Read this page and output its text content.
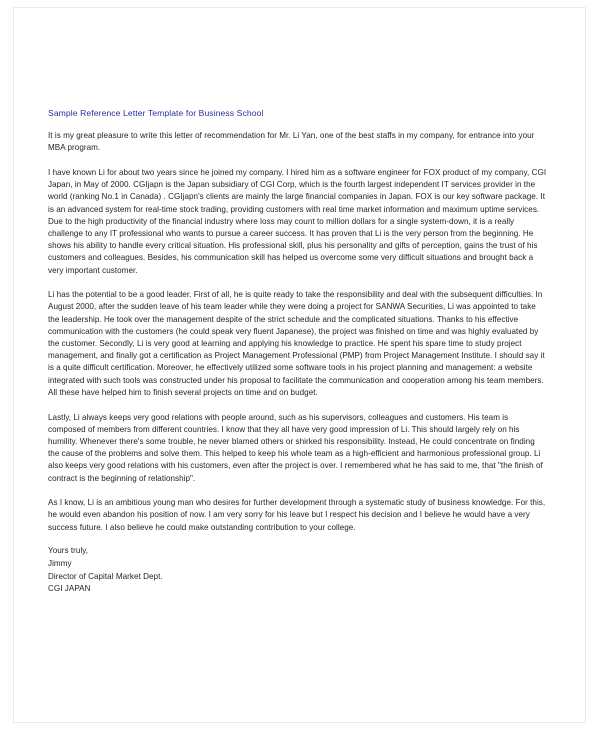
Sample Reference Letter Template for Business School

It is my great pleasure to write this letter of recommendation for Mr. Li Yan, one of the best staffs in my company, for entrance into your MBA program.

I have known Li for about two years since he joined my company. I hired him as a software engineer for FOX product of my company, CGI Japan, in May of 2000. CGIjapn is the Japan subsidiary of CGI Corp, which is the fourth largest independent IT services provider in the world (ranking No.1 in Canada) . CGIjapn's clients are mainly the large financial companies in Japan. FOX is our key software package. It is an advanced system for real-time stock trading, providing customers with real time market information and maximum uptime services. Due to the high productivity of the financial industry where loss may count to million dollars for a single system-down, it is a really challenge to any IT professional who wants to pursue a career success. It has proven that Li is the very person from the beginning. He shows his ability to handle every critical situation. His professional skill, plus his personality and gifts of perception, gains the trust of his customers and colleagues. Besides, his communication skill has helped us overcome some very difficult situations and brought back a very important customer.

Li has the potential to be a good leader. First of all, he is quite ready to take the responsibility and deal with the subsequent difficulties. In August 2000, after the sudden leave of his team leader while they were doing a project for SANWA Securities, Li was appointed to take the leadership. He took over the management despite of the strict schedule and the complicated situations. Thanks to his effective communication with the customers (he could speak very fluent Japanese), the project was finished on time and was highly evaluated by the customer. Secondly, Li is very good at learning and applying his knowledge to practice. He spent his spare time to study project management, and finally got a certification as Project Management Professional (PMP) from Project Management Institute. I should say it is a quite difficult certification. Moreover, he effectively utilized some software tools in his project planning and management: a website integrated with such tools was constructed under his proposal to facilitate the communication and cooperation among his team members. All these have helped him to finish several projects on time and on budget.

Lastly, Li always keeps very good relations with people around, such as his supervisors, colleagues and customers. His team is composed of members from different countries. I know that they all have very good impression of Li. This should largely rely on his humility. Whenever there's some trouble, he never blamed others or shirked his responsibility. Instead, He could concentrate on finding the cause of the problems and solve them. This helped to keep his whole team as a high-efficient and harmonious professional group. Li also keeps very good relations with his customers, even after the project is over. I remembered what he has said to me, that "the finish of contract is the beginning of relationship".

As I know, Li is an ambitious young man who desires for further development through a systematic study of business knowledge. For this, he would even abandon his position of now. I am very sorry for his leave but I respect his decision and I believe he would have a very success future. I also believe he could make outstanding contribution to your college.

Yours truly,
Jimmy
Director of Capital Market Dept.
CGI JAPAN
